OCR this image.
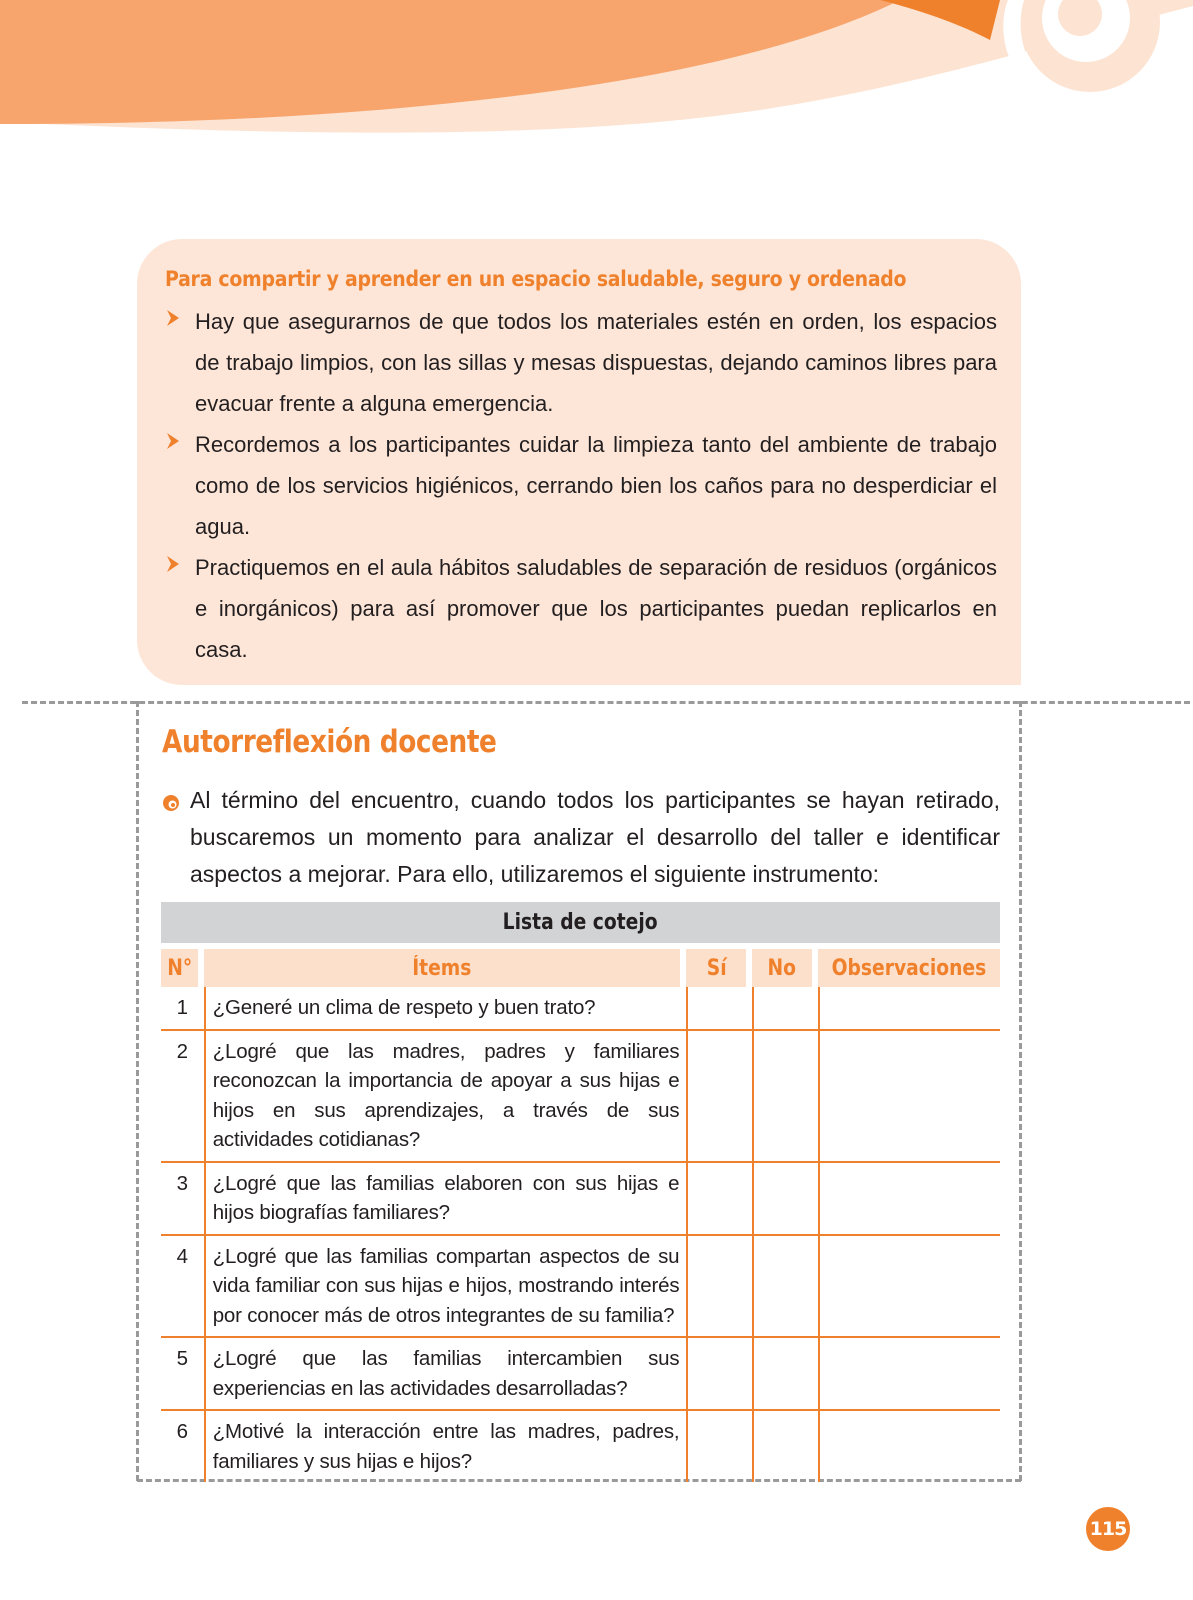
Para compartir y aprender en un espacio saludable, seguro y ordenado
Hay que asegurarnos de que todos los materiales estén en orden, los espacios de trabajo limpios, con las sillas y mesas dispuestas, dejando caminos libres para evacuar frente a alguna emergencia.
Recordemos a los participantes cuidar la limpieza tanto del ambiente de trabajo como de los servicios higiénicos, cerrando bien los caños para no desperdiciar el agua.
Practiquemos en el aula hábitos saludables de separación de residuos (orgánicos e inorgánicos) para así promover que los participantes puedan replicarlos en casa.
Autorreflexión docente
Al término del encuentro, cuando todos los participantes se hayan retirado, buscaremos un momento para analizar el desarrollo del taller e identificar aspectos a mejorar. Para ello, utilizaremos el siguiente instrumento:
Lista de cotejo				
N°	Ítems	Sí	No	Observaciones
1	¿Generé un clima de respeto y buen trato?			

2	¿Logré que las madres, padres y familiares reconozcan la importancia de apoyar a sus hijas e hijos en sus aprendizajes, a través de sus actividades cotidianas?			

3	¿Logré que las familias elaboren con sus hijas e hijos biografías familiares?			

4	¿Logré que las familias compartan aspectos de su vida familiar con sus hijas e hijos, mostrando interés por conocer más de otros integrantes de su familia?			

5	¿Logré que las familias intercambien sus experiencias en las actividades desarrolladas?			

6	¿Motivé la interacción entre las madres, padres, familiares y sus hijas e hijos?			

115
